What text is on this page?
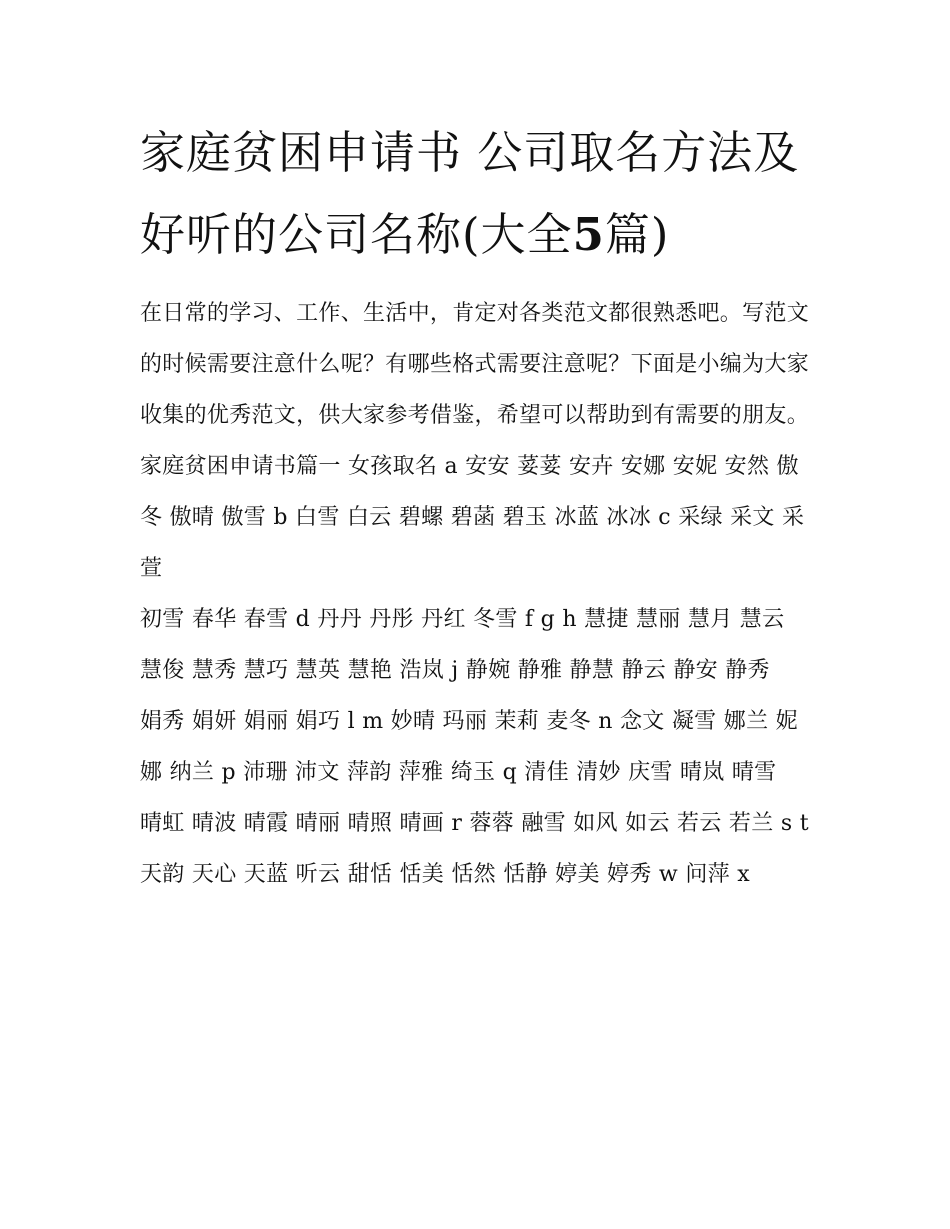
家庭贫困申请书 公司取名方法及好听的公司名称(大全5篇)

在日常的学习、工作、生活中，肯定对各类范文都很熟悉吧。写范文的时候需要注意什么呢？有哪些格式需要注意呢？下面是小编为大家收集的优秀范文，供大家参考借鉴，希望可以帮助到有需要的朋友。

家庭贫困申请书篇一 女孩取名 a 安安 荽荽 安卉 安娜 安妮 安然 傲冬 傲晴 傲雪 b 白雪 白云 碧螺 碧菡 碧玉 冰蓝 冰冰 c 采绿 采文 采萱

初雪 春华 春雪 d 丹丹 丹彤 丹红 冬雪 f g h 慧捷 慧丽 慧月 慧云 慧俊 慧秀 慧巧 慧英 慧艳 浩岚 j 静婉 静雅 静慧 静云 静安 静秀

娟秀 娟妍 娟丽 娟巧 l m 妙晴 玛丽 茉莉 麦冬 n 念文 凝雪 娜兰 妮娜 纳兰 p 沛珊 沛文 萍韵 萍雅 绮玉 q 清佳 清妙 庆雪 晴岚 晴雪

晴虹 晴波 晴霞 晴丽 晴照 晴画 r 蓉蓉 融雪 如风 如云 若云 若兰 s t 天韵 天心 天蓝 听云 甜恬 恬美 恬然 恬静 婷美 婷秀 w 问萍 x
